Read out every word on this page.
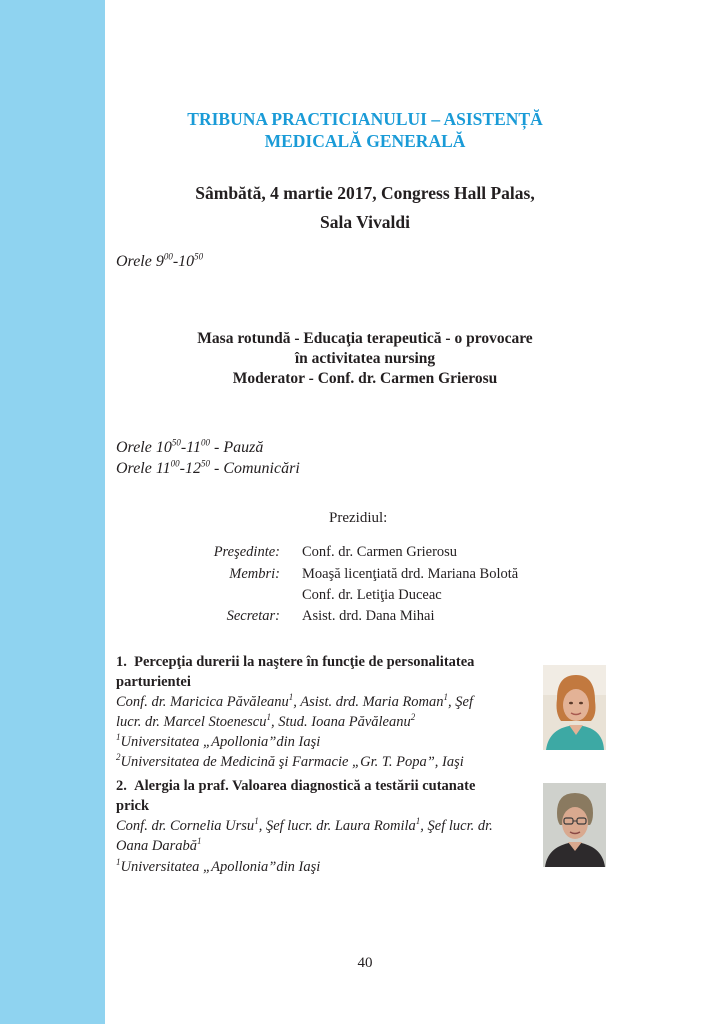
TRIBUNA PRACTICIANULUI – ASISTENȚĂ
MEDICALĂ GENERALĂ
Sâmbătă, 4 martie 2017, Congress Hall Palas,
Sala Vivaldi
Orele $9^{00}-10^{50}$
Masa rotundă - Educaţia terapeutică - o provocare
în activitatea nursing
Moderator - Conf. dr. Carmen Grierosu
Orele $10^{50}-11^{00}$ - Pauză
Orele $11^{00}-12^{50}$ - Comunicări
Prezidiul:
Preşedinte: Conf. dr. Carmen Grierosu
Membri: Moaşă licenţiată drd. Mariana Bolotă
Conf. dr. Letiţia Duceac
Secretar: Asist. drd. Dana Mihai
1. Percepţia durerii la naştere în funcţie de personalitatea
parturientei
Conf. dr. Maricica Păvăleanu$^1$, Asist. drd. Maria Roman$^1$, Şef
lucr. dr. Marcel Stoenescu$^1$, Stud. Ioana Păvăleanu$^2$
$^1$Universitatea „Apollonia”din Iaşi
$^2$Universitatea de Medicină şi Farmacie „Gr. T. Popa”, Iaşi
2. Alergia la praf. Valoarea diagnostică a testării cutanate
prick
Conf. dr. Cornelia Ursu$^1$, Şef lucr. dr. Laura Romila$^1$, Şef lucr. dr.
Oana Darabă$^1$
$^1$Universitatea „Apollonia”din Iaşi
40
